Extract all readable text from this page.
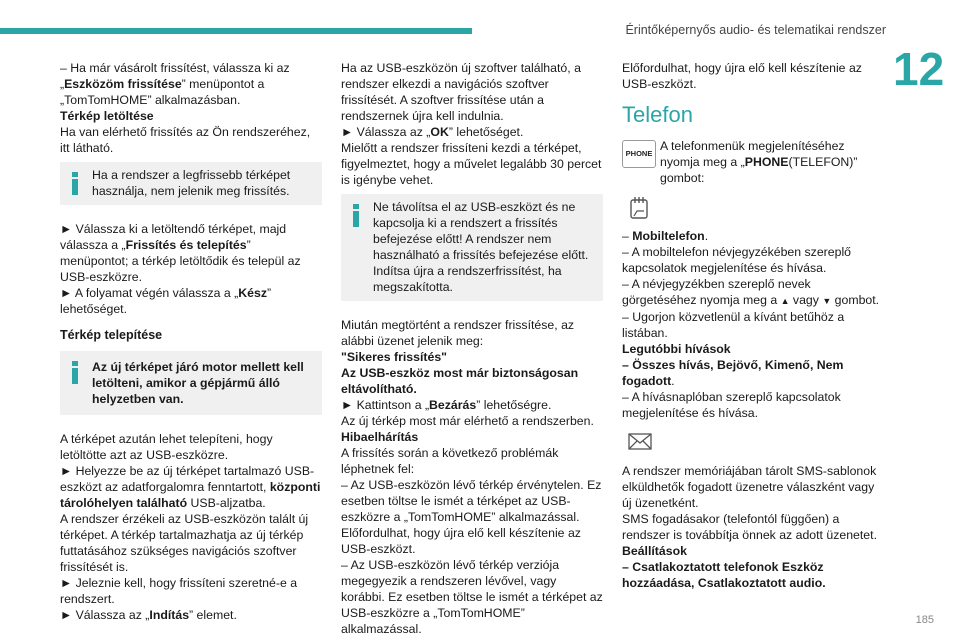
Érintőképernyős audio- és telematikai rendszer
12

– Ha már vásárolt frissítést, válassza ki az „Eszközöm frissítése” menüpontot a „TomTomHOME” alkalmazásban.

Térkép letöltése

Ha van elérhető frissítés az Ön rendszeréhez, itt látható.

Ha a rendszer a legfrissebb térképet használja, nem jelenik meg frissítés.

► Válassza ki a letöltendő térképet, majd válassza a „Frissítés és telepítés” menüpontot; a térkép letöltődik és települ az USB-eszközre.

► A folyamat végén válassza a „Kész” lehetőséget.

Térkép telepítése

Az új térképet járó motor mellett kell letölteni, amikor a gépjármű álló helyzetben van.

A térképet azután lehet telepíteni, hogy letöltötte azt az USB-eszközre.

► Helyezze be az új térképet tartalmazó USB-eszközt az adatforgalomra fenntartott, központi tárolóhelyen található USB-aljzatba.

A rendszer érzékeli az USB-eszközön talált új térképet. A térkép tartalmazhatja az új térkép futtatásához szükséges navigációs szoftver frissítését is.

► Jeleznie kell, hogy frissíteni szeretné-e a rendszert.

► Válassza az „Indítás” elemet.

Ha az USB-eszközön új szoftver található, a rendszer elkezdi a navigációs szoftver frissítését. A szoftver frissítése után a rendszernek újra kell indulnia.

► Válassza az „OK” lehetőséget.

Mielőtt a rendszer frissíteni kezdi a térképet, figyelmeztet, hogy a művelet legalább 30 percet is igénybe vehet.

Ne távolítsa el az USB-eszközt és ne kapcsolja ki a rendszert a frissítés befejezése előtt! A rendszer nem használható a frissítés befejezése előtt. Indítsa újra a rendszerfrissítést, ha megszakította.

Miután megtörtént a rendszer frissítése, az alábbi üzenet jelenik meg:

"Sikeres frissítés"

Az USB-eszköz most már biztonságosan eltávolítható.

► Kattintson a „Bezárás” lehetőségre.

Az új térkép most már elérhető a rendszerben.

Hibaelhárítás

A frissítés során a következő problémák léphetnek fel:

– Az USB-eszközön lévő térkép érvénytelen. Ez esetben töltse le ismét a térképet az USB-eszközre a „TomTomHOME” alkalmazással. Előfordulhat, hogy újra elő kell készítenie az USB-eszközt.

– Az USB-eszközön lévő térkép verziója megegyezik a rendszeren lévővel, vagy korábbi. Ez esetben töltse le ismét a térképet az USB-eszközre a „TomTomHOME” alkalmazással.

Előfordulhat, hogy újra elő kell készítenie az USB-eszközt.

Telefon
PHONE

A telefonmenük megjelenítéséhez nyomja meg a „PHONE(TELEFON)” gombot:

– Mobiltelefon.

– A mobiltelefon névjegyzékében szereplő kapcsolatok megjelenítése és hívása.

– A névjegyzékben szereplő nevek görgetéséhez nyomja meg a ▲ vagy ▼ gombot.

– Ugorjon közvetlenül a kívánt betűhöz a listában.

Legutóbbi hívások

– Összes hívás, Bejövő, Kimenő, Nem fogadott.

– A hívásnaplóban szereplő kapcsolatok megjelenítése és hívása.

A rendszer memóriájában tárolt SMS-sablonok elküldhetők fogadott üzenetre válaszként vagy új üzenetként.

SMS fogadásakor (telefontól függően) a rendszer is továbbítja önnek az adott üzenetet.

Beállítások

– Csatlakoztatott telefonok Eszköz hozzáadása, Csatlakoztatott audio.

185
